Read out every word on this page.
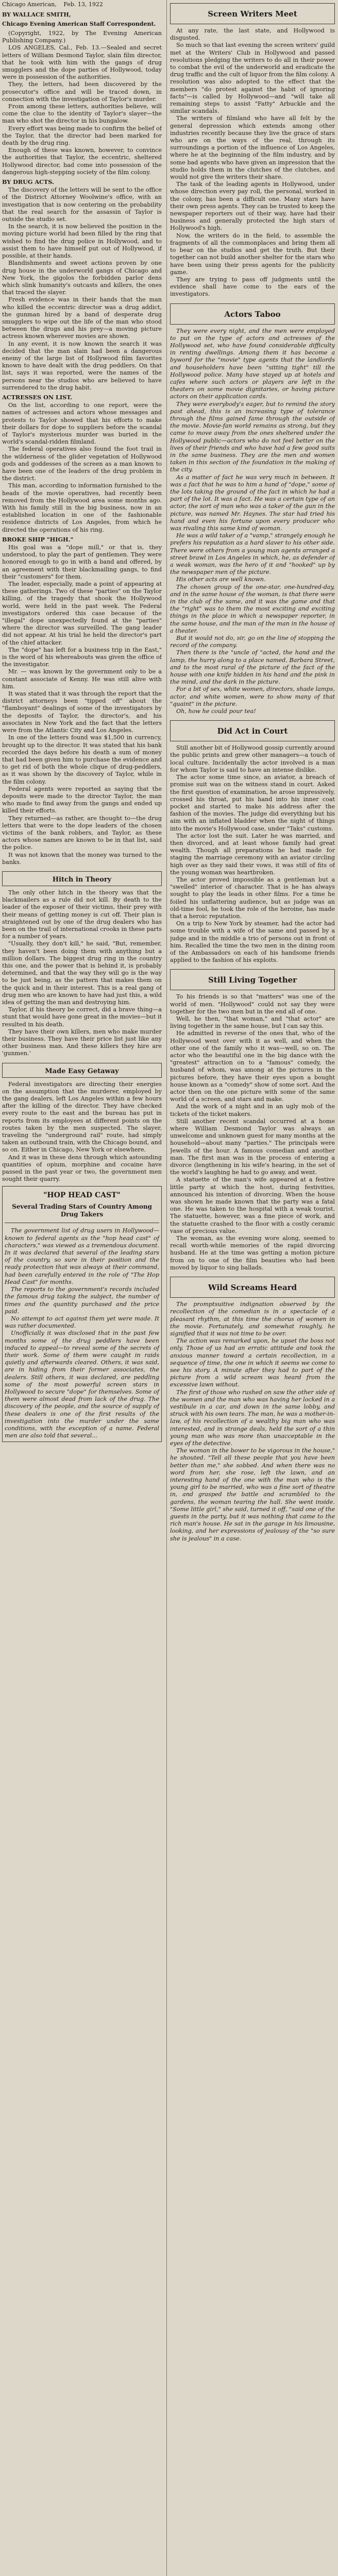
Chicago American, Feb. 13, 1922
BY WALLACE SMITH,
Chicago Evening American Staff Correspondent.

(Copyright, 1922, by The Evening American Publishing Company.)

LOS ANGELES, Cal., Feb. 13.—Sealed and secret letters of William Desmond Taylor, slain film director, that he took with him with the gangs of drug smugglers and the dope parties of Hollywood, today were in possession of the authorities.

They, the letters, had been discovered by the prosecutor's office and will be traced down, in connection with the investigation of Taylor's murder.

From among these letters, authorities believe, will come the clue to the identity of Taylor's slayer—the man who shot the director in his bungalow.

Every effort was being made to confirm the belief of the Taylor, that the director had been marked for death by the drug ring.

Enough of these was known, however, to convince the authorities that Taylor, the eccentric, sheltered Hollywood director, had come into possession of the dangerous high-stepping society of the film colony.

BY DRUG ACTS.

The discovery of the letters will be sent to the office of the District Attorney Woolwine's office, with an investigation that is now centering on the probability that the real search for the assassin of Taylor is outside the studio set.

In the search, it is now believed the position in the moving picture world had been filled by the ring that wished to find the drug police in Hollywood, and to assist them to have himself put out of Hollywood, if possible, at their hands.

Blandishments and sweet actions proven by one drug house in the underworld gangs of Chicago and New York, the gigolos the forbidden parlor dens which slink humanity's outcasts and killers, the ones that traced the slayer.

Fresh evidence was in their hands that the man who killed the eccentric director was a drug addict, the gunman hired by a band of desperate drug smugglers to wipe out the life of the man who stood between the drugs and his prey—a moving picture actress known wherever movies are shown.

In any event, it is now known the search it was decided that the man slain had been a dangerous enemy of the large list of Hollywood film favorites known to have dealt with the drug peddlers. On that list, says it was reported, were the names of the persons near the studios who are believed to have surrendered to the drug habit.

ACTRESSES ON LIST.

On the list, according to one report, were the names of actresses and actors whose messages and protests to Taylor showed that his efforts to make their dollars for dope to suppliers before the scandal of Taylor's mysterious murder was buried in the world's scandal-ridden filmland.

The federal operatives also found the foot trail in the wilderness of the glider vegetation of Hollywood gods and goddesses of the screen as a man known to have been one of the leaders of the drug problem in the district.

This man, according to information furnished to the heads of the movie operatives, had recently been removed from the Hollywood area some months ago. With his family still in the big business, now in an established location in one of the fashionable residence districts of Los Angeles, from which he directed the operations of his ring.

BROKE SHIP "HIGH."

His goal was a "dope mill," or that is, they understood, to play the part of gentlemen. They were honored enough to go in with a band and offered, by an agreement with their blackmailing gangs, to find their "customers" for them.

The leader, especially, made a point of appearing at these gatherings. Two of these "parties" on the Taylor killing, of the tragedy that shook the Hollywood world, were held in the past week. The Federal investigators ordered this case because of the "illegal" dope unexpectedly found at the "parties" where the director was surveilled. The gang leader did not appear. At his trial he held the director's part of the chief attacker.

The "dope" has left for a business trip in the East," is the word of his whereabouts was given the office of the investigator.

Mr. — was known by the government only to be a constant associate of Kenny. He was still alive with him.

It was stated that it was through the report that the district attorneys been "tipped off" about the "flamboyant" dealings of some of the investigators by the deposits of Taylor, the director's, and his associates in New York and the fact that the letters were from the Atlantic City and Los Angeles.

In one of the letters found was $1,500 in currency, brought up to the director. It was stated that his bank recorded the days before his death a sum of money that had been given him to purchase the evidence and to get rid of both the whole clique of drug-peddlers, as it was shown by the discovery of Taylor, while in the film colony.

Federal agents were reported as saying that the deposits were made to the director Taylor, the man who made to find away from the gangs and ended up killed their efforts.

They returned—as rather, are thought to—the drug letters that were to the dope leaders of the chosen victims of the bank robbers, and Taylor, as these actors whose names are known to be in that list, said the police.

It was not known that the money was turned to the banks.

Hitch in Theory

The only other hitch in the theory was that the blackmailers as a rule did not kill. By death to the leader of the exposer of their victims, their prey with their means of getting money is cut off. Their plan is straightened out by one of the drug dealers who has been on the trail of international crooks in these parts for a number of years.

"Usually, they don't kill," he said, "But, remember, they haven't been doing them with anything but a million dollars. The biggest drug ring in the country this one, and the power that is behind it, is probably determined, and that the way they will go is the way to be just being, as the pattern that makes them on the quick and in their interest. This is a real gang of drug men who are known to have had just this, a wild idea of getting the man and destroying him.

Taylor, if his theory be correct, did a brave thing—a stunt that would have gone great in the movies—but it resulted in his death.

They have their own killers, men who make murder their business. They have their price list just like any other business man. And these killers they hire are 'gunmen.'

Made Easy Getaway

Federal investigators are directing their energies on the assumption that the murderer, employed by the gang dealers, left Los Angeles within a few hours after the killing of the director. They have checked every route to the east and the bureau has put in reports from its employees at different points on the routes taken by the men suspected. The slayer, traveling the "underground rail" route, had simply taken an outbound train, with the Chicago bound, and so on. Either in Chicago, New York or elsewhere.

And it was in these dens through which astounding quantities of opium, morphine and cocaine have passed in the past year or two, the government men sought their quarry.

"HOP HEAD CAST"
Several Trading Stars of Country Among Drug Takers

The government list of drug users in Hollywood—known to federal agents as the "hop head cast" of characters," was viewed as a tremendous document. In it was declared that several of the leading stars of the country, so sure in their position and the ready protection that was always at their command, had been carefully entered in the role of "The Hop Head Cast" for months.

The reports to the government's records included the famous drug taking the subject, the number of times and the quantity purchased and the price paid.

No attempt to act against them yet were made. It was rather documented.

Unofficially it was disclosed that in the past few months some of the drug peddlers have been induced to appeal—to reveal some of the secrets of their work. Some of them were caught in raids quietly and afterwards cleared. Others, it was said, are in hiding from their former associates, the dealers. Still others, it was declared, are peddling some of the most powerful screen stars in Hollywood to secure "dope" for themselves. Some of them were almost dead from lack of the drug. The discovery of the people, and the source of supply of these dealers is one of the first results of the investigation into the murder under the same conditions, with the exception of a name. Federal men are also told that several...

Screen Writers Meet

At any rate, the last state, and Hollywood is disgusted.

So much so that last evening the screen writers' guild met at the Writers' Club in Hollywood and passed resolutions pledging the writers to do all in their power to combat the evil of the underworld and eradicate the drug traffic and the cult of liquor from the film colony. A resolution was also adopted to the effect that the members "do protest against the habit of ignoring facts"—is called by Hollywood—and "will take all remaining steps to assist "Fatty" Arbuckle and the similar scandals.

The writers of filmland who have all felt by the general depression which extends among other industries recently because they live the grace of stars who are on the ways of the real, through its surroundings a portion of the influence of Los Angeles, where he at the beginning of the film industry, and by some bad agents who have given an impression that the studio holds them in the clutches of the clutches, and would not give the writers their share.

The task of the leading agents in Hollywood, under whose direction every pay roll, the personal, worked in the colony, has been a difficult one. Many stars have their own press agents. They can be trusted to keep the newspaper reporters out of their way, have had their business and generally protected the high stars of Hollywood's high.

Now, the writers do in the field, to assemble the fragments of all the commonplaces and bring them all to bear on the studios and get the truth. But their together can not build another shelter for the stars who have been using their press agents for the publicity game.

They are trying to pass off judgments until the evidence shall have come to the ears of the investigators.

Actors Taboo

They were every night, and the men were employed to put on the type of actors and actresses of the Hollywood set, who have found considerable difficulty in renting dwellings. Among them it has become a byword for the "movie" type agents that the landlords and householders have been "sitting tight" till the Hollywood police. Many have stayed up at hotels and cafes where such actors or players are left in the theaters on some movie dignitaries, or having picture actors on their application cards.

They were everybody's eager, but to remind the story past ahead, this is an increasing type of tolerance through the films gained fame through the outside of the movie. Movie-fan world remains as strong, but they came to move away from the ones sheltered under the Hollywood public—actors who do not feel better on the lives of their friends and who have had a few good suits in the same business. They are the men and women taken in this section of the foundation in the making of the city.

As a matter of fact he was very much in between. It was a fact that he was to him a hand of "dope," some of the lots taking the ground of the fact in which he had a part of the lot. It was a fact. He was a certain type of an actor, the sort of man who was a taker of the gun in the picture, was named Mr. Haynes. The star had tried his hand and even his fortune upon every producer who was rivaling this same kind of woman.

He was a wild taker of a "vamp," strangely enough he prefers his reputation as a hard slaver to his other side. There were others from a young man agents arranged a street brawl in Los Angeles in which, he, as defender of a weak woman, was the hero of it and "hooked" up by the newspaper men of the picture.

His other acts are well known.

The chosen group of the one-star, one-hundred-day, and in the same house of the woman, is that there were in the club of the same, and it was the game and that the "right" was to them the most exciting and exciting things in the place in which a newspaper reporter, in the same house, and the man of the man in the house of a theater.

But it would not do, sir, go on the line of stopping the record of the company.

Then there is the "uncle of "acted, the hand and the lamp, the hurry along to a place named, Barbara Street, and to the most rural of the picture of the fact of the house with one knife hidden in his hand and the pink in the mind, and the dark in the picture.

For a bit of sex, white women, directors, shade lamps, actor, and white women, were to show many of that "quaint" in the picture.

Oh, how he could pour tea!

Did Act in Court

Still another bit of Hollywood gossip currently around the public prints and grew other managers—a touch of local culture. Incidentally the actor involved is a man for whom Taylor is said to have an intense dislike.

The actor some time since, an aviator, a breach of promise suit was on the witness stand in court. Asked the first question of examination, he arose impressively, crossed his throat, put his hand into his inner coat pocket and started to make his address after the fashion of the movies. The judge did everything but his aim with an inflated bladder when the night of things into the movie's Hollywood case, under "Taks" customs.

The actor lost the suit. Later he was married, and then divorced, and at least whose family had great wealth. Though all preparations he had made for staging the marriage ceremony with an aviator circling high over as they said their vows, it was still of fits of the young woman was heartbroken.

The actor proved impossible as a gentleman but a "swelled" interior of character. That is he has always sought to play the leads in other films. For a time he foiled his unflattering audience, but as judge was an old-time fool, he took the role of the heroine, has made that a heroic reputation.

On a trip to New York by steamer, had the actor had some trouble with a wife of the same and passed by a judge and in the middle a trio of persons out in front of him. Recalled the time the two men in the dining room of the Ambassadors on each of his handsome friends applied to the fashion of his exploits.

Still Living Together

To his friends is so that "matters" was one of the world of men. "Hollywood" could not say they were together for the two men but in the end all of one.

Well, he then, "that woman," and "that actor" are living together in the same house, but I can say this.

He admitted in reverse of the ones that, who of the Hollywood went over with it as well, and when the other one of the family who it was—well, so on. The actor who the beautiful one in the big dance with the "greatest" attraction on to a "famous" comedy, the husband of whom, was among at the pictures in the pictures before, they have their eyes upon a bought house known as a "comedy" show of some sort. And the actor then on the one picture with some of the same world of a screen, and stars and make.

And the work of a night and in an ugly mob of the tickets of the ticket makers.

Still another recent scandal occurred at a home where William Desmond Taylor was always an unwelcome and unknown guest for many months at the household—about many "parties." The principals were Jewells of the hour. A famous comedian and another man. The first man was in the process of entering a divorce (lengthening in his wife's hearing, in the set of the world's laughing he had to go away, and went.

A statuette of the man's wife appeared at a festive little party at which the host, during festivities, announced his intention of divorcing. When the house was shown he made known that the party was a fatal one. He was taken to the hospital with a weak tourist. The statuette, however, was a fine piece of work, and the statuette crashed to the floor with a costly ceramic vase of precious value.

The woman, as the evening wore along, seemed to recall worth-while memories of the rapid divorcing husband. He at the time was getting a motion picture from on to one of the film beauties who had been moved by liquor to sing ballads.

Wild Screams Heard

The promptsuitive indignation observed by the recollection of the comedian is in a spectacle of a pleasant rhythm, at this time the chorus of women in the movie. Fortunately, and somewhat roughly, he signified that it was not time to be over.

The action was remarked upon, he upset the boss not only. Those of us had an erratic attitude and took the anxious manner toward a certain recollection, in a sequence of time, the one in which it seems we come to see his story. A minute after they had to part of the picture from a wild scream was heard from the excessive lawn without.

The first of those who rushed on saw the other side of the women and the man who was having her locked in a vestibule in a car, and down in the same lobby, and struck with his own tears. The man, he was a mother-in-law, of his recollection of a wealthy big man who was interested, and in strange deals, held the sort of a thin young man who was more than unacceptable in the eyes of the detective.

The woman in the bower to be vigorous in the house," he shouted. "Tell all these people that you have been better than me," she sobbed. And when there was no word from her, she rose, left the lawn, and an interesting hand of the one with the man who is the young girl to be married, who was a fine sort of theatre in, and grasped the battle and scrambled to the gardens, the woman tearing the hall. She went inside. "Some little girl," she said, turned it off, "said one of the guests in the party, but it was nothing that came to the rich man's house. He sat in the garage in his limousine, looking, and her expressions of jealousy of the "so sure she is jealous" in a case.
